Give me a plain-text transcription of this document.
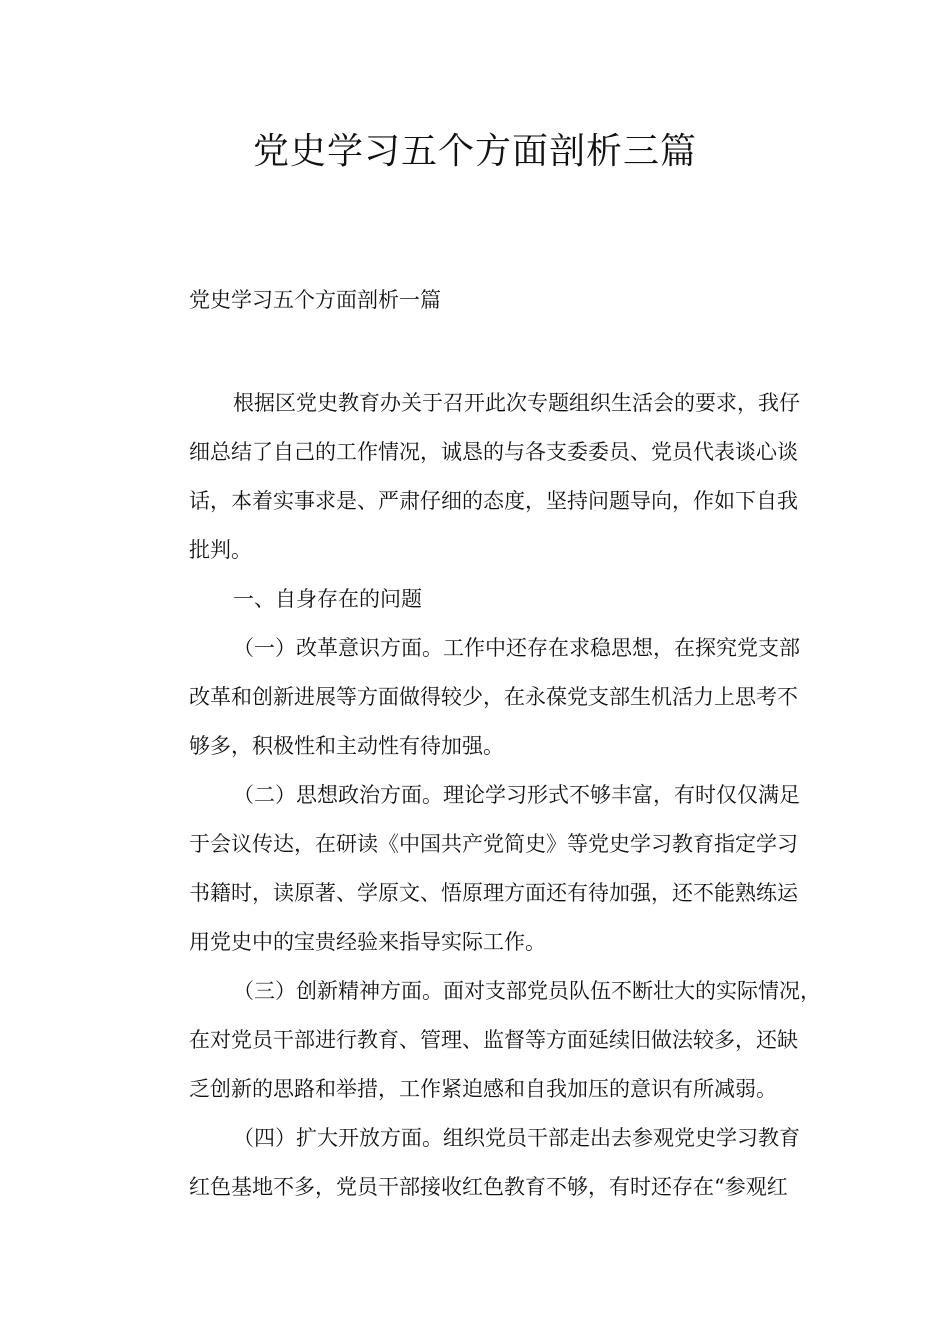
党史学习五个方面剖析三篇
党史学习五个方面剖析一篇

根据区党史教育办关于召开此次专题组织生活会的要求，我仔
细总结了自己的工作情况，诚恳的与各支委委员、党员代表谈心谈
话，本着实事求是、严肃仔细的态度，坚持问题导向，作如下自我
批判。

一、自身存在的问题

（一）改革意识方面。工作中还存在求稳思想，在探究党支部
改革和创新进展等方面做得较少，在永葆党支部生机活力上思考不
够多，积极性和主动性有待加强。

（二）思想政治方面。理论学习形式不够丰富，有时仅仅满足
于会议传达，在研读《中国共产党简史》等党史学习教育指定学习
书籍时，读原著、学原文、悟原理方面还有待加强，还不能熟练运
用党史中的宝贵经验来指导实际工作。

（三）创新精神方面。面对支部党员队伍不断壮大的实际情况，
在对党员干部进行教育、管理、监督等方面延续旧做法较多，还缺
乏创新的思路和举措，工作紧迫感和自我加压的意识有所减弱。

（四）扩大开放方面。组织党员干部走出去参观党史学习教育
红色基地不多，党员干部接收红色教育不够，有时还存在“参观红
